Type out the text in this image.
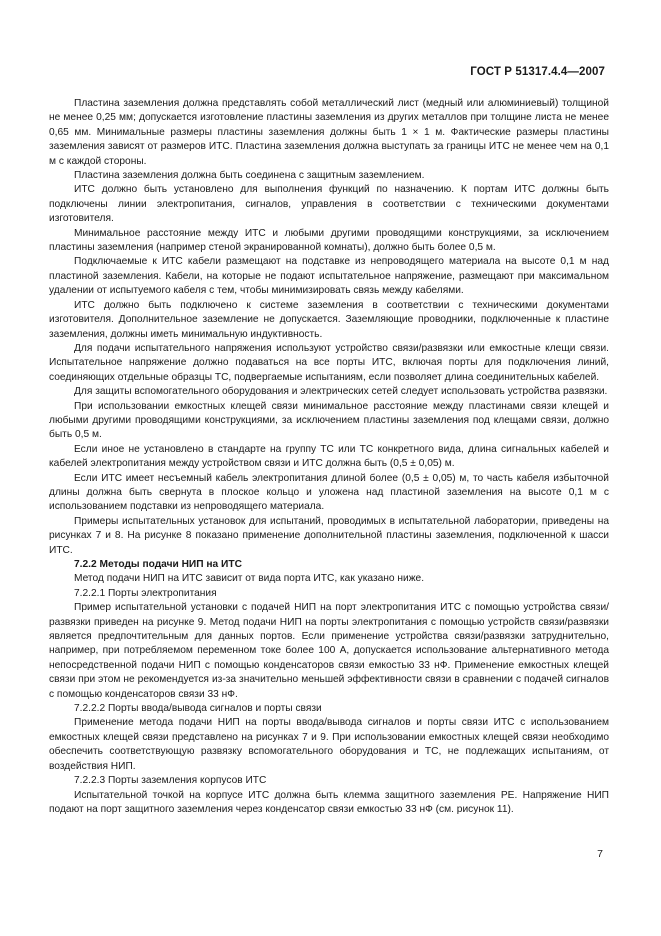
ГОСТ Р 51317.4.4—2007

Пластина заземления должна представлять собой металлический лист (медный или алюминиевый) толщиной не менее 0,25 мм; допускается изготовление пластины заземления из других металлов при толщине листа не менее 0,65 мм. Минимальные размеры пластины заземления должны быть 1 × 1 м. Фактические размеры пластины заземления зависят от размеров ИТС. Пластина заземления должна выступать за границы ИТС не менее чем на 0,1 м с каждой стороны.

Пластина заземления должна быть соединена с защитным заземлением.

ИТС должно быть установлено для выполнения функций по назначению. К портам ИТС должны быть подключены линии электропитания, сигналов, управления в соответствии с техническими документами изготовителя.

Минимальное расстояние между ИТС и любыми другими проводящими конструкциями, за исключением пластины заземления (например стеной экранированной комнаты), должно быть более 0,5 м.

Подключаемые к ИТС кабели размещают на подставке из непроводящего материала на высоте 0,1 м над пластиной заземления. Кабели, на которые не подают испытательное напряжение, размещают при максимальном удалении от испытуемого кабеля с тем, чтобы минимизировать связь между кабелями.

ИТС должно быть подключено к системе заземления в соответствии с техническими документами изготовителя. Дополнительное заземление не допускается. Заземляющие проводники, подключенные к пластине заземления, должны иметь минимальную индуктивность.

Для подачи испытательного напряжения используют устройство связи/развязки или емкостные клещи связи. Испытательное напряжение должно подаваться на все порты ИТС, включая порты для подключения линий, соединяющих отдельные образцы ТС, подвергаемые испытаниям, если позволяет длина соединительных кабелей.

Для защиты вспомогательного оборудования и электрических сетей следует использовать устройства развязки.

При использовании емкостных клещей связи минимальное расстояние между пластинами связи клещей и любыми другими проводящими конструкциями, за исключением пластины заземления под клещами связи, должно быть 0,5 м.

Если иное не установлено в стандарте на группу ТС или ТС конкретного вида, длина сигнальных кабелей и кабелей электропитания между устройством связи и ИТС должна быть (0,5 ± 0,05) м.

Если ИТС имеет несъемный кабель электропитания длиной более (0,5 ± 0,05) м, то часть кабеля избыточной длины должна быть свернута в плоское кольцо и уложена над пластиной заземления на высоте 0,1 м с использованием подставки из непроводящего материала.

Примеры испытательных установок для испытаний, проводимых в испытательной лаборатории, приведены на рисунках 7 и 8. На рисунке 8 показано применение дополнительной пластины заземления, подключенной к шасси ИТС.

7.2.2 Методы подачи НИП на ИТС

Метод подачи НИП на ИТС зависит от вида порта ИТС, как указано ниже.

7.2.2.1 Порты электропитания

Пример испытательной установки с подачей НИП на порт электропитания ИТС с помощью устройства связи/развязки приведен на рисунке 9. Метод подачи НИП на порты электропитания с помощью устройств связи/развязки является предпочтительным для данных портов. Если применение устройства связи/развязки затруднительно, например, при потребляемом переменном токе более 100 А, допускается использование альтернативного метода непосредственной подачи НИП с помощью конденсаторов связи емкостью 33 нФ. Применение емкостных клещей связи при этом не рекомендуется из-за значительно меньшей эффективности связи в сравнении с подачей сигналов с помощью конденсаторов связи 33 нФ.

7.2.2.2 Порты ввода/вывода сигналов и порты связи

Применение метода подачи НИП на порты ввода/вывода сигналов и порты связи ИТС с использованием емкостных клещей связи представлено на рисунках 7 и 9. При использовании емкостных клещей связи необходимо обеспечить соответствующую развязку вспомогательного оборудования и ТС, не подлежащих испытаниям, от воздействия НИП.

7.2.2.3 Порты заземления корпусов ИТС

Испытательной точкой на корпусе ИТС должна быть клемма защитного заземления РЕ. Напряжение НИП подают на порт защитного заземления через конденсатор связи емкостью 33 нФ (см. рисунок 11).

7
